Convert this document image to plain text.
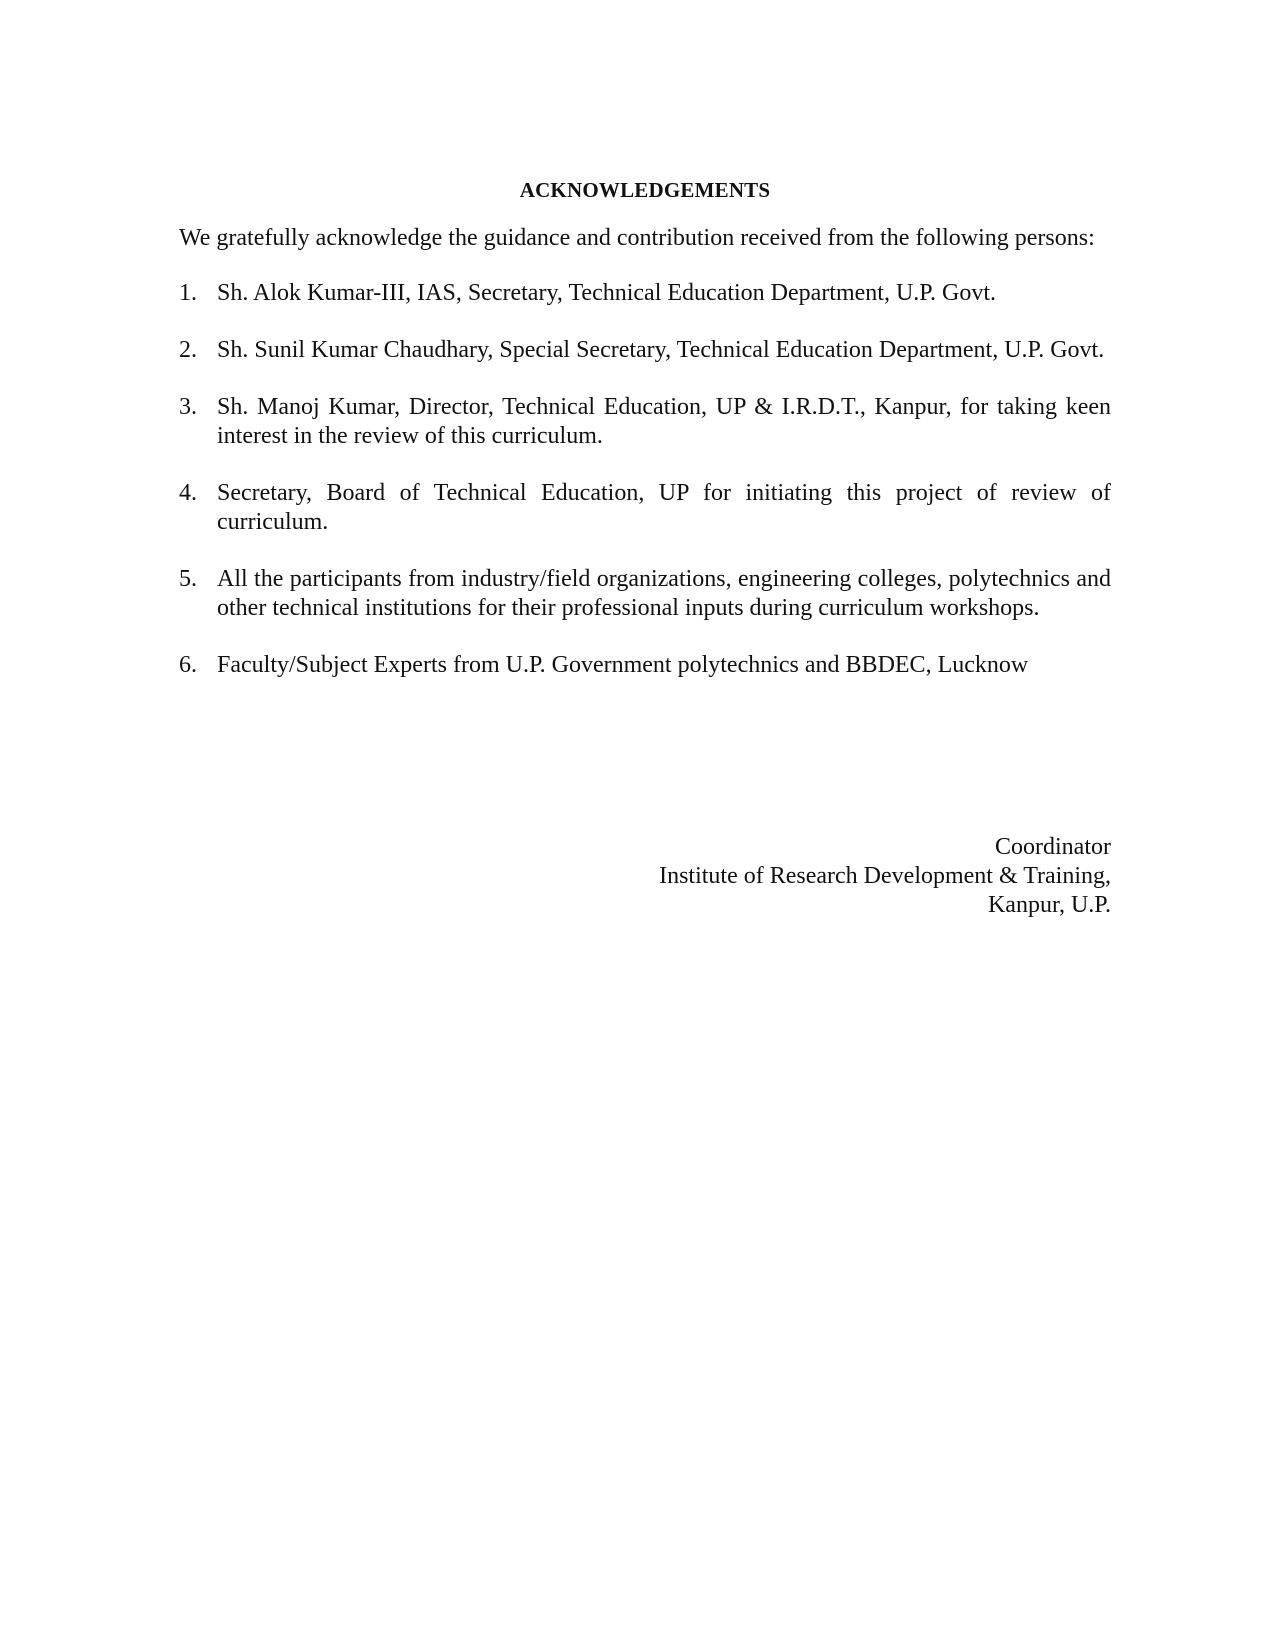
ACKNOWLEDGEMENTS
We gratefully acknowledge the guidance and contribution received from the following persons:
1. Sh. Alok Kumar-III, IAS, Secretary, Technical Education Department, U.P. Govt.
2. Sh. Sunil Kumar Chaudhary, Special Secretary, Technical Education Department, U.P. Govt.
3. Sh. Manoj Kumar, Director, Technical Education, UP & I.R.D.T., Kanpur, for taking keen interest in the review of this curriculum.
4. Secretary, Board of Technical Education, UP for initiating this project of review of curriculum.
5. All the participants from industry/field organizations, engineering colleges, polytechnics and other technical institutions for their professional inputs during curriculum workshops.
6. Faculty/Subject Experts from U.P. Government polytechnics and BBDEC, Lucknow
Coordinator
Institute of Research Development & Training,
Kanpur, U.P.
